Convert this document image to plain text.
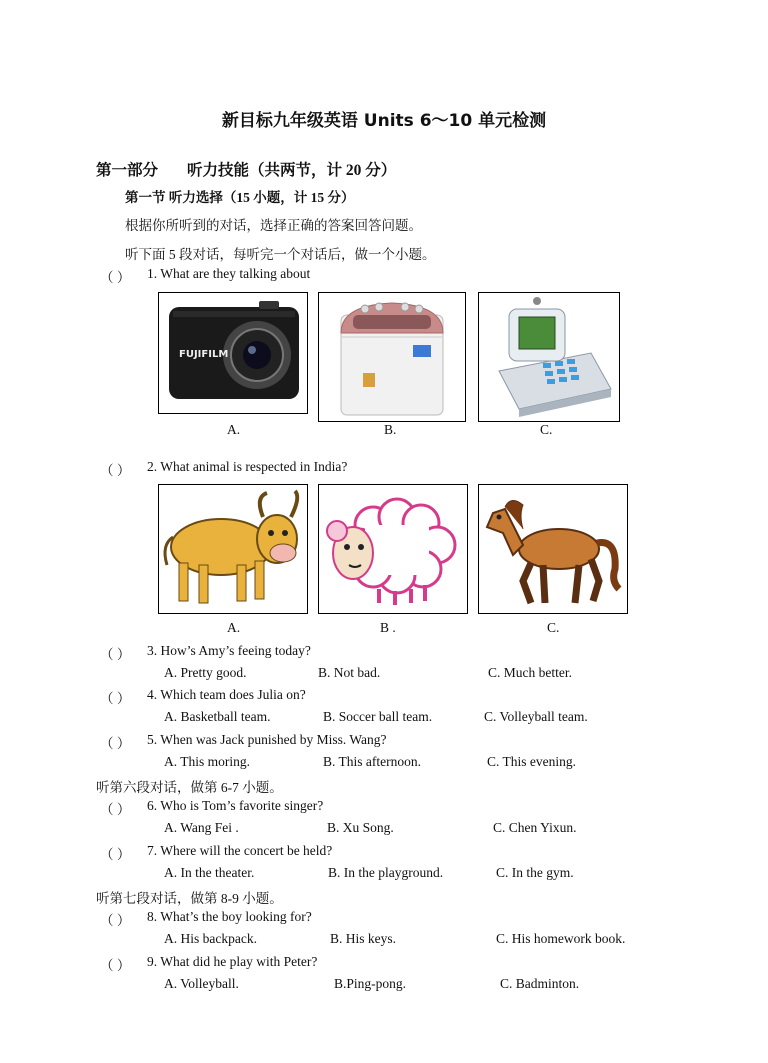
新目标九年级英语 Units 6～10 单元检测
第一部分 听力技能（共两节，计 20 分）
第一节 听力选择（15 小题，计 15 分）
根据你所听到的对话，选择正确的答案回答问题。
听下面 5 段对话，每听完一个对话后，做一个小题。
（ ） 1. What are they talking about
FUJIFILM
A.	B.	C.
（ ） 2. What animal is respected in India?
A.	B .	C.
（ ） 3. How’s Amy’s feeing today?
A. Pretty good.	B. Not bad.	C. Much better.
（ ） 4. Which team does Julia on?
A. Basketball team.	B. Soccer ball team.	C. Volleyball team.
（ ） 5. When was Jack punished by Miss. Wang?
A. This moring.	B. This afternoon.	C. This evening.
听第六段对话，做第 6-7 小题。
（ ） 6. Who is Tom’s favorite singer?
A. Wang Fei .	B. Xu Song.	C. Chen Yixun.
（ ） 7. Where will the concert be held?
A. In the theater.	B. In the playground.	C. In the gym.
听第七段对话，做第 8-9 小题。
（ ） 8. What’s the boy looking for?
A. His backpack.	B. His keys.	C. His homework book.
（ ） 9. What did he play with Peter?
A. Volleyball.	B.Ping-pong.	C. Badminton.
